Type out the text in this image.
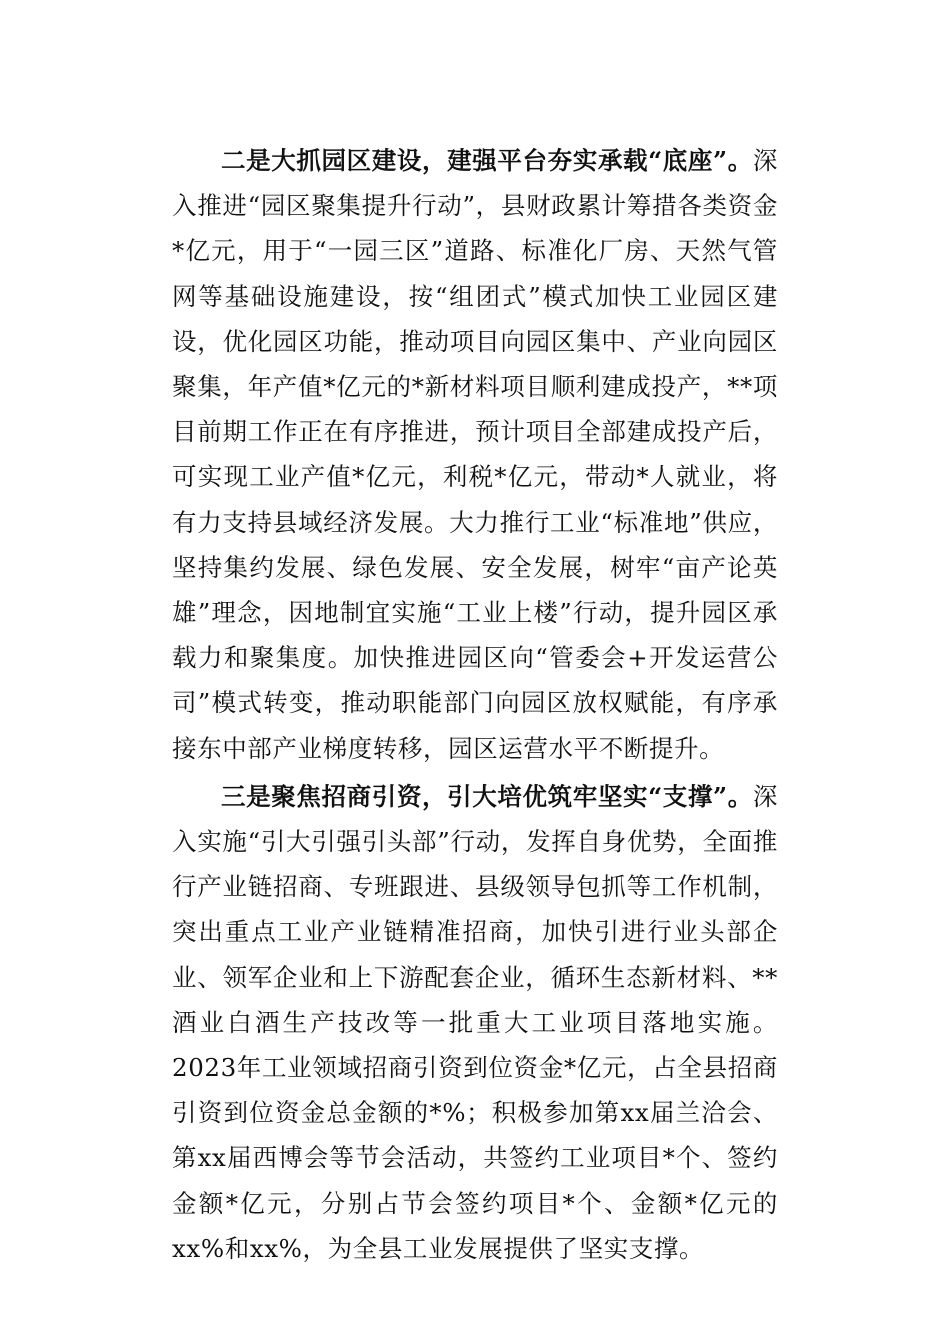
二是大抓园区建设，建强平台夯实承载“底座”。深入推进“园区聚集提升行动”，县财政累计筹措各类资金*亿元，用于“一园三区”道路、标准化厂房、天然气管网等基础设施建设，按“组团式”模式加快工业园区建设，优化园区功能，推动项目向园区集中、产业向园区聚集，年产值*亿元的*新材料项目顺利建成投产，**项目前期工作正在有序推进，预计项目全部建成投产后，可实现工业产值*亿元，利税*亿元，带动*人就业，将有力支持县域经济发展。大力推行工业“标准地”供应，坚持集约发展、绿色发展、安全发展，树牢“亩产论英雄”理念，因地制宜实施“工业上楼”行动，提升园区承载力和聚集度。加快推进园区向“管委会+开发运营公司”模式转变，推动职能部门向园区放权赋能，有序承接东中部产业梯度转移，园区运营水平不断提升。

三是聚焦招商引资，引大培优筑牢坚实“支撑”。深入实施“引大引强引头部”行动，发挥自身优势，全面推行产业链招商、专班跟进、县级领导包抓等工作机制，突出重点工业产业链精准招商，加快引进行业头部企业、领军企业和上下游配套企业，循环生态新材料、**酒业白酒生产技改等一批重大工业项目落地实施。2023年工业领域招商引资到位资金*亿元，占全县招商引资到位资金总金额的*%；积极参加第xx届兰洽会、第xx届西博会等节会活动，共签约工业项目*个、签约金额*亿元，分别占节会签约项目*个、金额*亿元的xx%和xx%，为全县工业发展提供了坚实支撑。
